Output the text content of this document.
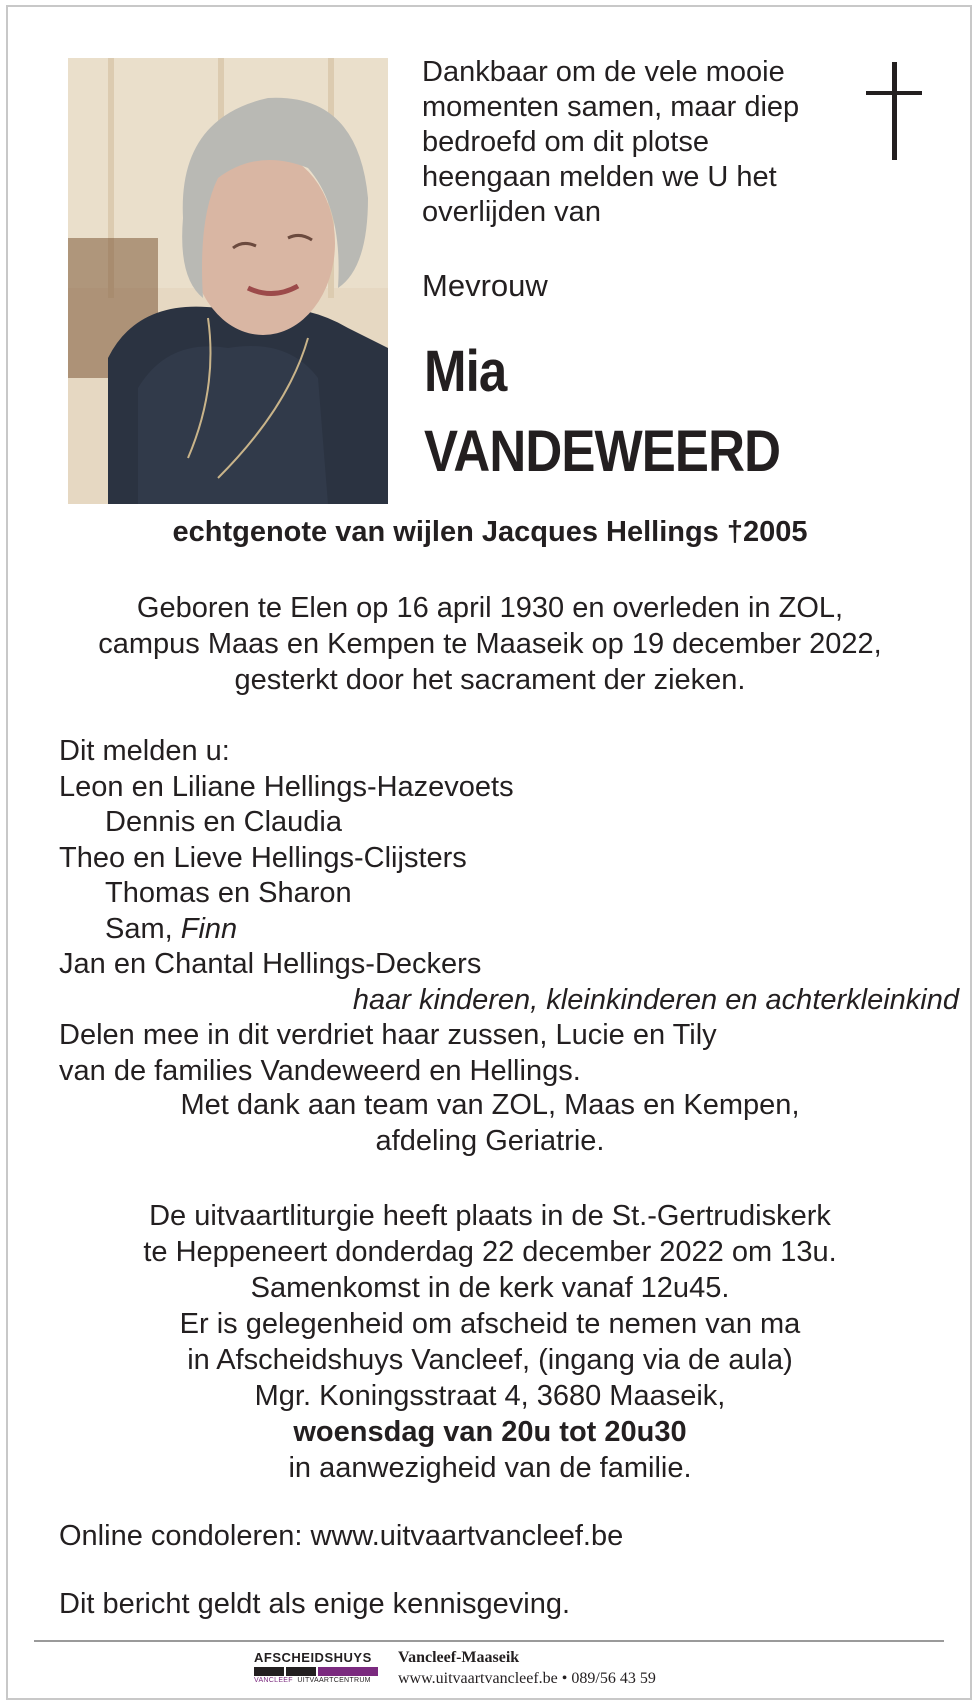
Dankbaar om de vele mooie
momenten samen, maar diep
bedroefd om dit plotse
heengaan melden we U het
overlijden van
Mevrouw
Mia
VANDEWEERD
echtgenote van wijlen Jacques Hellings †2005
Geboren te Elen op 16 april 1930 en overleden in ZOL,
campus Maas en Kempen te Maaseik op 19 december 2022,
gesterkt door het sacrament der zieken.
Dit melden u:
Leon en Liliane Hellings-Hazevoets
Dennis en Claudia
Theo en Lieve Hellings-Clijsters
Thomas en Sharon
Sam, Finn
Jan en Chantal Hellings-Deckers
haar kinderen, kleinkinderen en achterkleinkind
Delen mee in dit verdriet haar zussen, Lucie en Tily
van de families Vandeweerd en Hellings.
Met dank aan team van ZOL, Maas en Kempen,
afdeling Geriatrie.
De uitvaartliturgie heeft plaats in de St.-Gertrudiskerk
te Heppeneert donderdag 22 december 2022 om 13u.
Samenkomst in de kerk vanaf 12u45.
Er is gelegenheid om afscheid te nemen van ma
in Afscheidshuys Vancleef, (ingang via de aula)
Mgr. Koningsstraat 4, 3680 Maaseik,
woensdag van 20u tot 20u30
in aanwezigheid van de familie.
Online condoleren: www.uitvaartvancleef.be
Dit bericht geldt als enige kennisgeving.
AFSCHEIDSHUYS
VANCLEEF UITVAARTCENTRUM
Vancleef-Maaseik
www.uitvaartvancleef.be • 089/56 43 59
